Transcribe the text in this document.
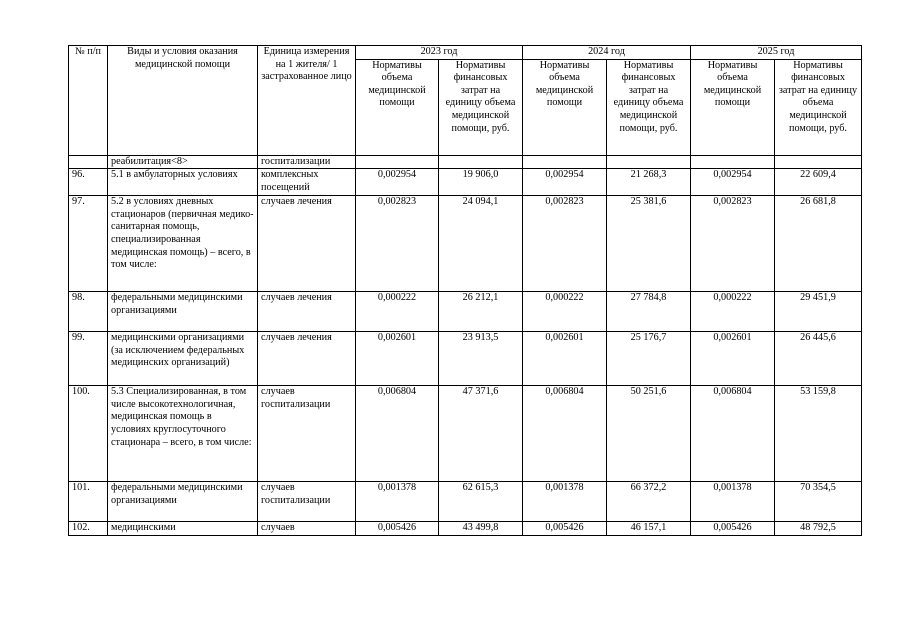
№ п/п	Виды и условия оказания медицинской помощи	Единица измерения на 1 жителя/ 1 застрахованное лицо	2023 год		2024 год		2025 год	
			Нормативы объема медицинской помощи	Нормативы финансовых затрат на единицу объема медицинской помощи, руб.	Нормативы объема медицинской помощи	Нормативы финансовых затрат на единицу объема медицинской помощи, руб.	Нормативы объема медицинской помощи	Нормативы финансовых затрат на единицу объема медицинской помощи, руб.
	реабилитация<8>	госпитализации						
96.	5.1 в амбулаторных условиях	комплексных посещений	0,002954	19 906,0	0,002954	21 268,3	0,002954	22 609,4
97.	5.2 в условиях дневных стационаров (первичная медико-санитарная помощь, специализированная медицинская помощь) – всего, в том числе:	случаев лечения	0,002823	24 094,1	0,002823	25 381,6	0,002823	26 681,8
98.	федеральными медицинскими организациями	случаев лечения	0,000222	26 212,1	0,000222	27 784,8	0,000222	29 451,9
99.	медицинскими организациями (за исключением федеральных медицинских организаций)	случаев лечения	0,002601	23 913,5	0,002601	25 176,7	0,002601	26 445,6
100.	5.3 Специализированная, в том числе высокотехнологичная, медицинская помощь в условиях круглосуточного стационара – всего, в том числе:	случаев госпитализации	0,006804	47 371,6	0,006804	50 251,6	0,006804	53 159,8
101.	федеральными медицинскими организациями	случаев госпитализации	0,001378	62 615,3	0,001378	66 372,2	0,001378	70 354,5
102.	медицинскими	случаев	0,005426	43 499,8	0,005426	46 157,1	0,005426	48 792,5
